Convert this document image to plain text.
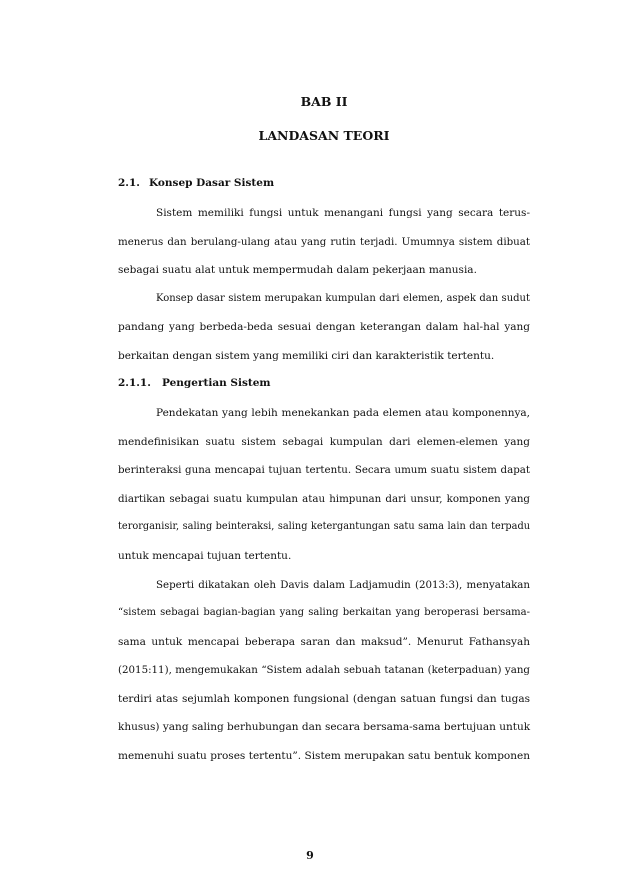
BAB II
LANDASAN TEORI
2.1. Konsep Dasar Sistem
Sistem memiliki fungsi untuk menangani fungsi yang secara terus-
menerus dan berulang-ulang atau yang rutin terjadi. Umumnya sistem dibuat
sebagai suatu alat untuk mempermudah dalam pekerjaan manusia.
Konsep dasar sistem merupakan kumpulan dari elemen, aspek dan sudut
pandang yang berbeda-beda sesuai dengan keterangan dalam hal-hal yang
berkaitan dengan sistem yang memiliki ciri dan karakteristik tertentu.
2.1.1. Pengertian Sistem
Pendekatan yang lebih menekankan pada elemen atau komponennya,
mendefinisikan suatu sistem sebagai kumpulan dari elemen-elemen yang
berinteraksi guna mencapai tujuan tertentu. Secara umum suatu sistem dapat
diartikan sebagai suatu kumpulan atau himpunan dari unsur, komponen yang
terorganisir, saling beinteraksi, saling ketergantungan satu sama lain dan terpadu
untuk mencapai tujuan tertentu.
Seperti dikatakan oleh Davis dalam Ladjamudin (2013:3), menyatakan
“sistem sebagai bagian-bagian yang saling berkaitan yang beroperasi bersama-
sama untuk mencapai beberapa saran dan maksud”. Menurut Fathansyah
(2015:11), mengemukakan “Sistem adalah sebuah tatanan (keterpaduan) yang
terdiri atas sejumlah komponen fungsional (dengan satuan fungsi dan tugas
khusus) yang saling berhubungan dan secara bersama-sama bertujuan untuk
memenuhi suatu proses tertentu”. Sistem merupakan satu bentuk komponen
9
